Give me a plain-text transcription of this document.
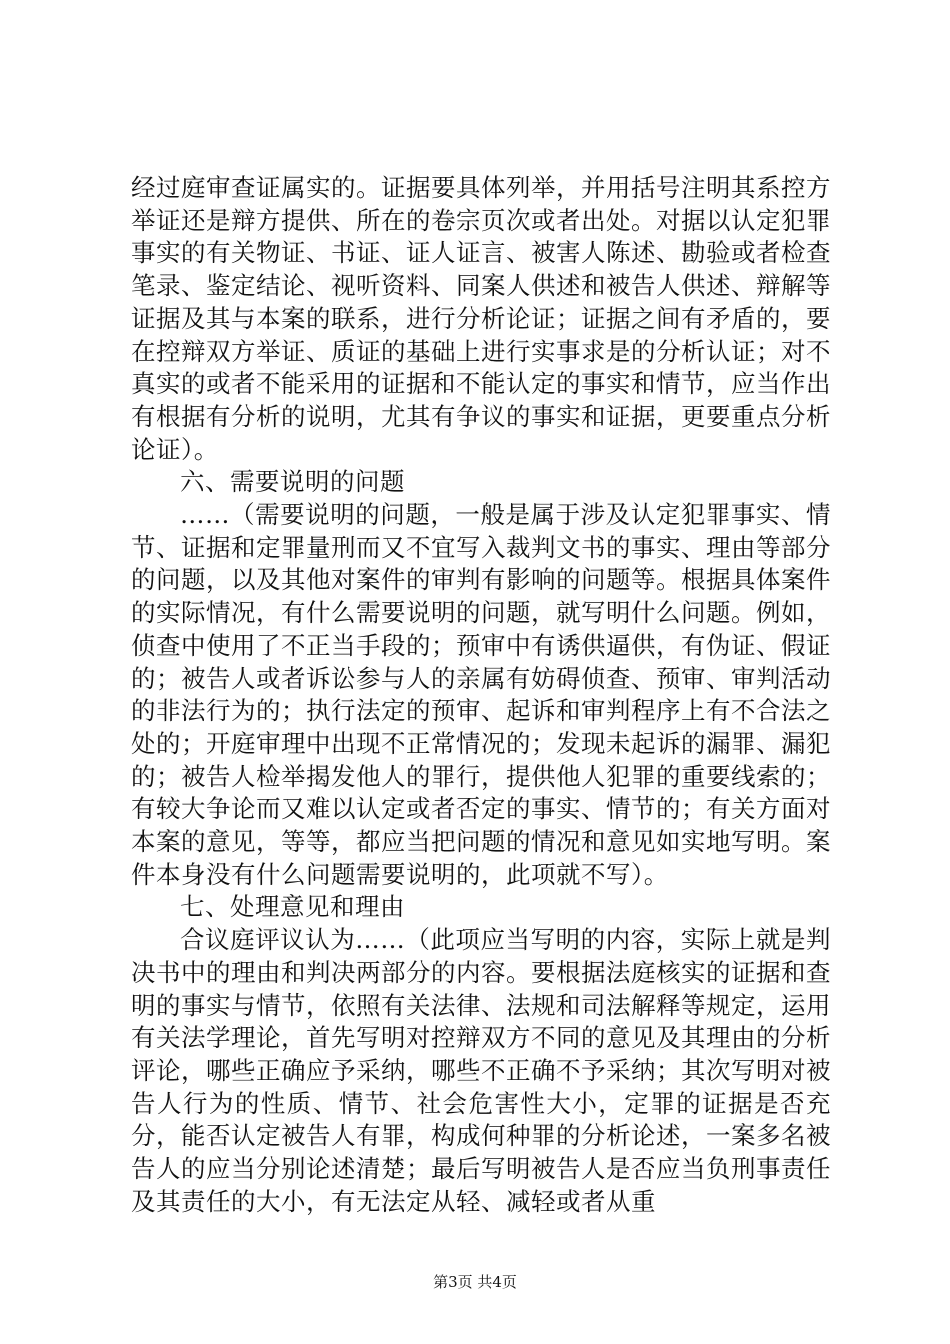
经过庭审查证属实的。证据要具体列举，并用括号注明其系控方举证还是辩方提供、所在的卷宗页次或者出处。对据以认定犯罪事实的有关物证、书证、证人证言、被害人陈述、勘验或者检查笔录、鉴定结论、视听资料、同案人供述和被告人供述、辩解等证据及其与本案的联系，进行分析论证；证据之间有矛盾的，要在控辩双方举证、质证的基础上进行实事求是的分析认证；对不真实的或者不能采用的证据和不能认定的事实和情节，应当作出有根据有分析的说明，尤其有争议的事实和证据，更要重点分析论证）。

六、需要说明的问题

……（需要说明的问题，一般是属于涉及认定犯罪事实、情节、证据和定罪量刑而又不宜写入裁判文书的事实、理由等部分的问题，以及其他对案件的审判有影响的问题等。根据具体案件的实际情况，有什么需要说明的问题，就写明什么问题。例如，侦查中使用了不正当手段的；预审中有诱供逼供，有伪证、假证的；被告人或者诉讼参与人的亲属有妨碍侦查、预审、审判活动的非法行为的；执行法定的预审、起诉和审判程序上有不合法之处的；开庭审理中出现不正常情况的；发现未起诉的漏罪、漏犯的；被告人检举揭发他人的罪行，提供他人犯罪的重要线索的；有较大争论而又难以认定或者否定的事实、情节的；有关方面对本案的意见，等等，都应当把问题的情况和意见如实地写明。案件本身没有什么问题需要说明的，此项就不写）。

七、处理意见和理由

合议庭评议认为……（此项应当写明的内容，实际上就是判决书中的理由和判决两部分的内容。要根据法庭核实的证据和查明的事实与情节，依照有关法律、法规和司法解释等规定，运用有关法学理论，首先写明对控辩双方不同的意见及其理由的分析评论，哪些正确应予采纳，哪些不正确不予采纳；其次写明对被告人行为的性质、情节、社会危害性大小，定罪的证据是否充分，能否认定被告人有罪，构成何种罪的分析论述，一案多名被告人的应当分别论述清楚；最后写明被告人是否应当负刑事责任及其责任的大小，有无法定从轻、减轻或者从重

第3页 共4页
